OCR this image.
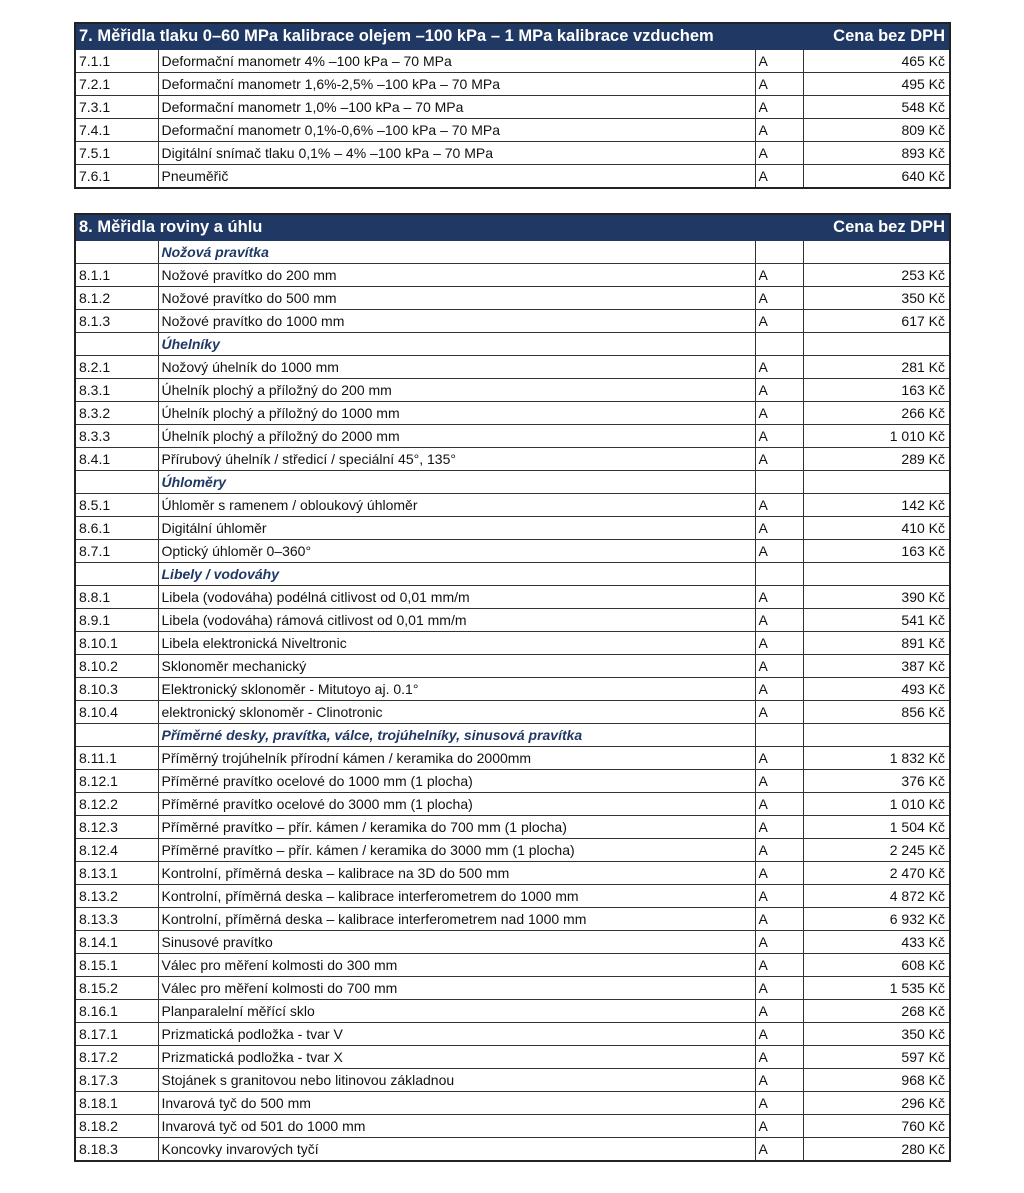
7. Měřidla tlaku 0–60 MPa kalibrace olejem –100 kPa – 1 MPa kalibrace vzduchem			Cena bez DPH
7.1.1	Deformační manometr 4% –100 kPa – 70 MPa	A	465 Kč
7.2.1	Deformační manometr 1,6%-2,5% –100 kPa – 70 MPa	A	495 Kč
7.3.1	Deformační manometr 1,0% –100 kPa – 70 MPa	A	548 Kč
7.4.1	Deformační manometr 0,1%-0,6% –100 kPa – 70 MPa	A	809 Kč
7.5.1	Digitální snímač tlaku 0,1% – 4% –100 kPa – 70 MPa	A	893 Kč
7.6.1	Pneuměřič	A	640 Kč
8. Měřidla roviny a úhlu			Cena bez DPH
	Nožová pravítka		
8.1.1	Nožové pravítko do 200 mm	A	253 Kč
8.1.2	Nožové pravítko do 500 mm	A	350 Kč
8.1.3	Nožové pravítko do 1000 mm	A	617 Kč
	Úhelníky		
8.2.1	Nožový úhelník do 1000 mm	A	281 Kč
8.3.1	Úhelník plochý a příložný do 200 mm	A	163 Kč
8.3.2	Úhelník plochý a příložný do 1000 mm	A	266 Kč
8.3.3	Úhelník plochý a příložný do 2000 mm	A	1 010 Kč
8.4.1	Přírubový úhelník / středicí / speciální 45°, 135°	A	289 Kč
	Úhloměry		
8.5.1	Úhloměr s ramenem / obloukový úhloměr	A	142 Kč
8.6.1	Digitální úhloměr	A	410 Kč
8.7.1	Optický úhloměr 0–360°	A	163 Kč
	Libely / vodováhy		
8.8.1	Libela (vodováha) podélná citlivost od 0,01 mm/m	A	390 Kč
8.9.1	Libela (vodováha) rámová citlivost od 0,01 mm/m	A	541 Kč
8.10.1	Libela elektronická Niveltronic	A	891 Kč
8.10.2	Sklonoměr mechanický	A	387 Kč
8.10.3	Elektronický sklonoměr - Mitutoyo aj. 0.1°	A	493 Kč
8.10.4	elektronický sklonoměr - Clinotronic	A	856 Kč
	Příměrné desky, pravítka, válce, trojúhelníky, sinusová pravítka		
8.11.1	Příměrný trojúhelník přírodní kámen / keramika do 2000mm	A	1 832 Kč
8.12.1	Příměrné pravítko ocelové do 1000 mm (1 plocha)	A	376 Kč
8.12.2	Příměrné pravítko ocelové do 3000 mm (1 plocha)	A	1 010 Kč
8.12.3	Příměrné pravítko – přír. kámen / keramika do 700 mm (1 plocha)	A	1 504 Kč
8.12.4	Příměrné pravítko – přír. kámen / keramika do 3000 mm (1 plocha)	A	2 245 Kč
8.13.1	Kontrolní, příměrná deska – kalibrace na 3D do 500 mm	A	2 470 Kč
8.13.2	Kontrolní, příměrná deska – kalibrace interferometrem do 1000 mm	A	4 872 Kč
8.13.3	Kontrolní, příměrná deska – kalibrace interferometrem nad 1000 mm	A	6 932 Kč
8.14.1	Sinusové pravítko	A	433 Kč
8.15.1	Válec pro měření kolmosti do 300 mm	A	608 Kč
8.15.2	Válec pro měření kolmosti do 700 mm	A	1 535 Kč
8.16.1	Planparalelní měřící sklo	A	268 Kč
8.17.1	Prizmatická podložka - tvar V	A	350 Kč
8.17.2	Prizmatická podložka - tvar X	A	597 Kč
8.17.3	Stojánek s granitovou nebo litinovou základnou	A	968 Kč
8.18.1	Invarová tyč do 500 mm	A	296 Kč
8.18.2	Invarová tyč od 501 do 1000 mm	A	760 Kč
8.18.3	Koncovky invarových tyčí	A	280 Kč
